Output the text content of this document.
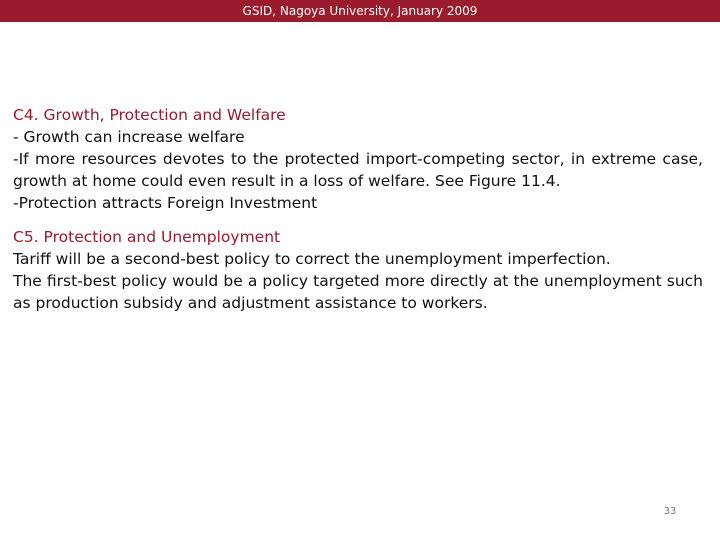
GSID, Nagoya University, January 2009

C4. Growth, Protection and Welfare

- Growth can increase welfare

-If more resources devotes to the protected import-competing sector, in extreme case, growth at home could even result in a loss of welfare. See Figure 11.4.

-Protection attracts Foreign Investment

C5. Protection and Unemployment

Tariff will be a second-best policy to correct the unemployment imperfection.

The first-best policy would be a policy targeted more directly at the unemployment such as production subsidy and adjustment assistance to workers.

33
